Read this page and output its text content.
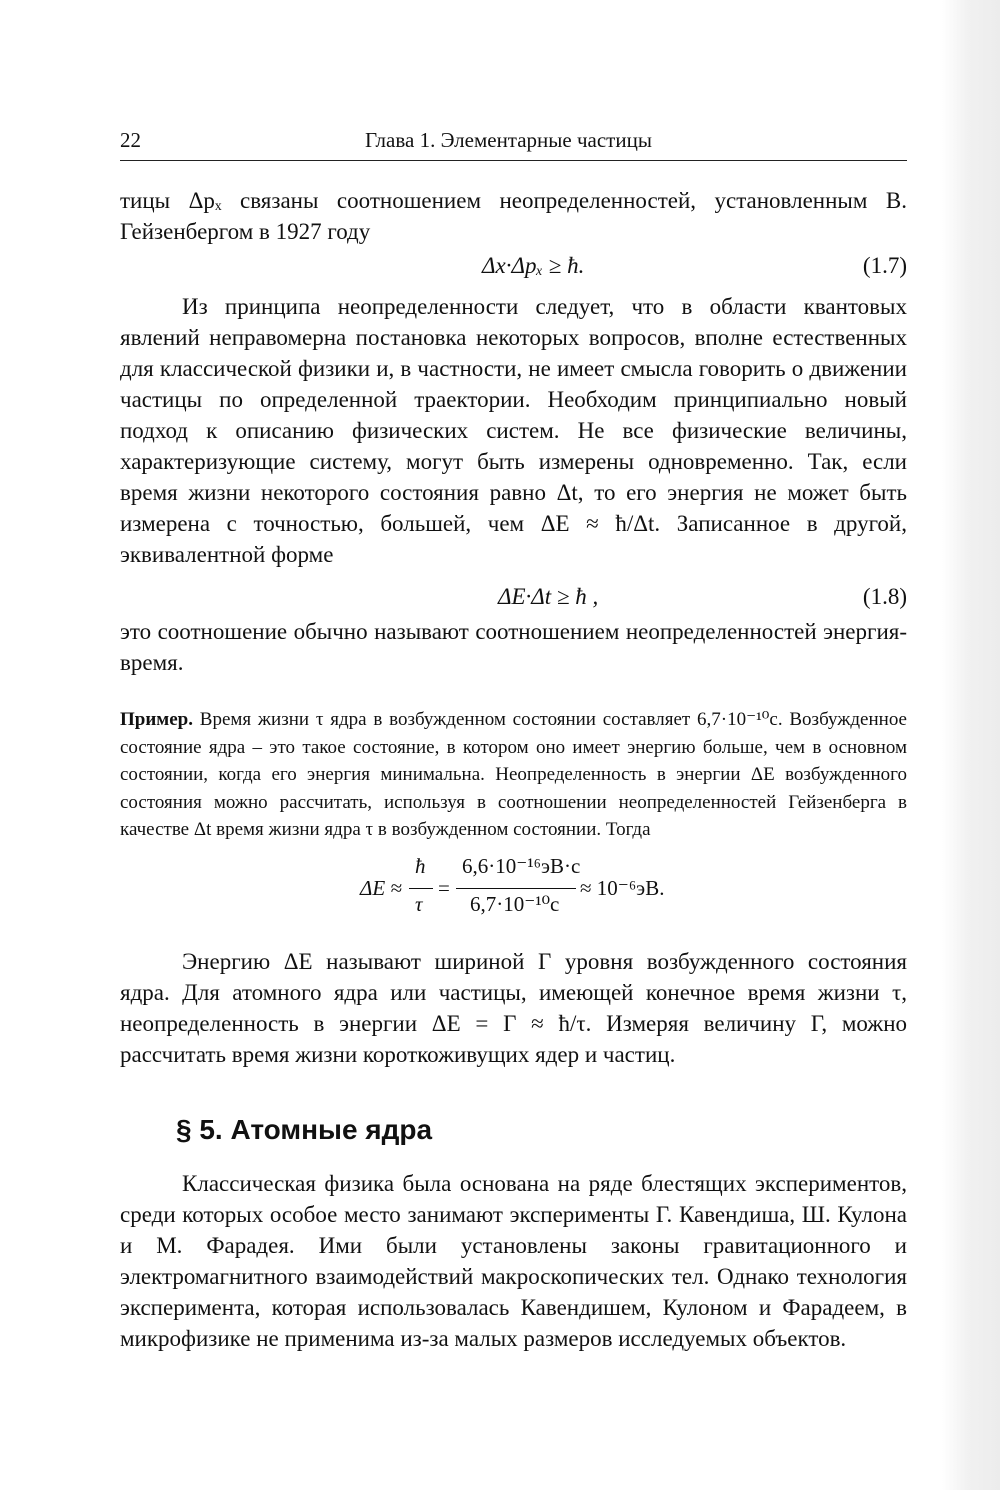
22	Глава 1. Элементарные частицы

тицы Δpₓ связаны соотношением неопределенностей, установленным В. Гейзенбергом в 1927 году

Δx·Δpₓ ≥ ħ.	(1.7)

Из принципа неопределенности следует, что в области квантовых явлений неправомерна постановка некоторых вопросов, вполне естественных для классической физики и, в частности, не имеет смысла говорить о движении частицы по определенной траектории. Необходим принципиально новый подход к описанию физических систем. Не все физические величины, характеризующие систему, могут быть измерены одновременно. Так, если время жизни некоторого состояния равно Δt, то его энергия не может быть измерена с точностью, большей, чем ΔE ≈ ħ/Δt. Записанное в другой, эквивалентной форме

ΔE·Δt ≥ ħ ,	(1.8)

это соотношение обычно называют соотношением неопределенностей энергия-время.

Пример. Время жизни τ ядра в возбужденном состоянии составляет 6,7·10⁻¹⁰с. Возбужденное состояние ядра – это такое состояние, в котором оно имеет энергию больше, чем в основном состоянии, когда его энергия минимальна. Неопределенность в энергии ΔE возбужденного состояния можно рассчитать, используя в соотношении неопределенностей Гейзенберга в качестве Δt время жизни ядра τ в возбужденном состоянии. Тогда
ΔE ≈
ħ
τ
=
6,6·10⁻¹⁶эВ·с
6,7·10⁻¹⁰с
≈ 10⁻⁶эВ.

Энергию ΔE называют шириной Γ уровня возбужденного состояния ядра. Для атомного ядра или частицы, имеющей конечное время жизни τ, неопределенность в энергии ΔE = Γ ≈ ħ/τ. Измеряя величину Γ, можно рассчитать время жизни короткоживущих ядер и частиц.

§ 5. Атомные ядра

Классическая физика была основана на ряде блестящих экспериментов, среди которых особое место занимают эксперименты Г. Кавендиша, Ш. Кулона и М. Фарадея. Ими были установлены законы гравитационного и электромагнитного взаимодействий макроскопических тел. Однако технология эксперимента, которая использовалась Кавендишем, Кулоном и Фарадеем, в микрофизике не применима из-за малых размеров исследуемых объектов.
